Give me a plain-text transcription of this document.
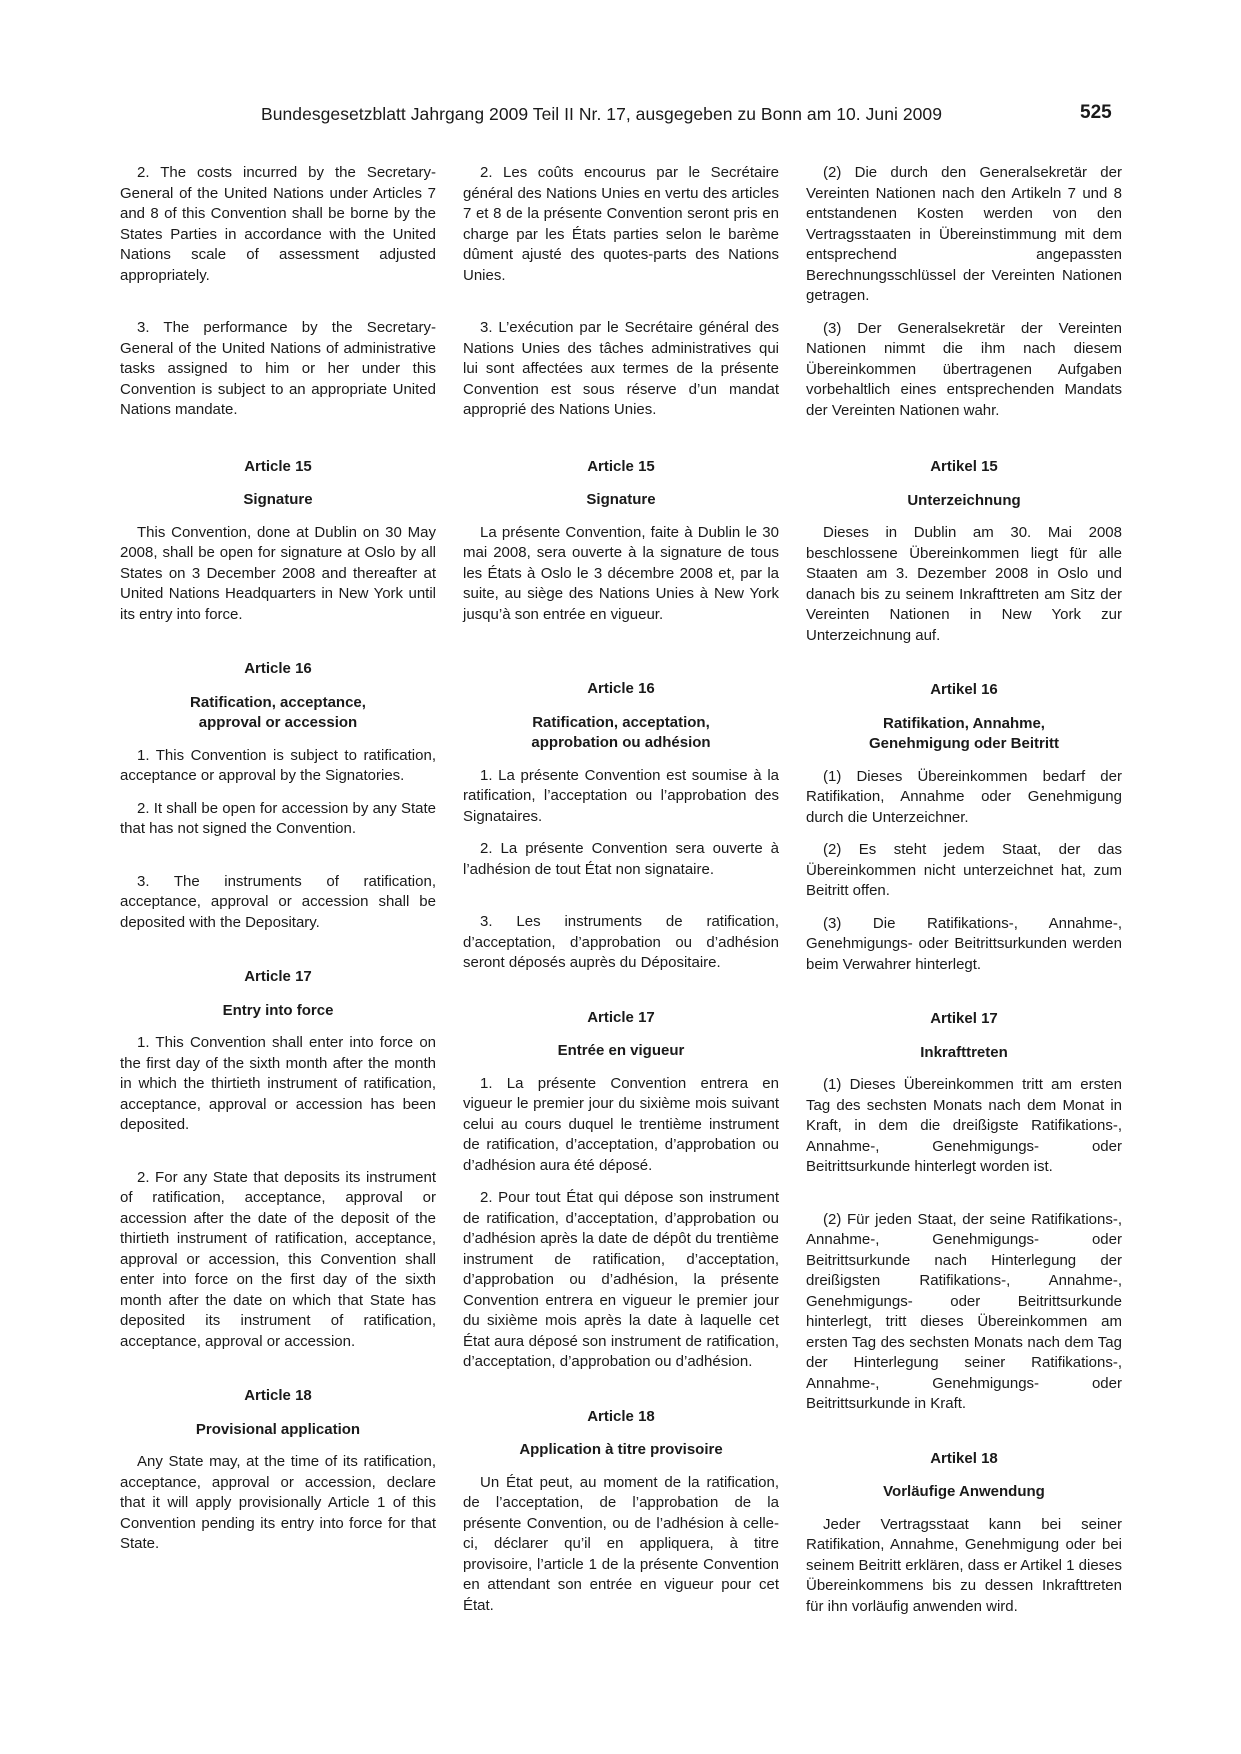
Bundesgesetzblatt Jahrgang 2009 Teil II Nr. 17, ausgegeben zu Bonn am 10. Juni 2009	525

2. The costs incurred by the Secretary-General of the United Nations under Articles 7 and 8 of this Convention shall be borne by the States Parties in accordance with the United Nations scale of assessment adjusted appropriately.

3. The performance by the Secretary-General of the United Nations of administrative tasks assigned to him or her under this Convention is subject to an appropriate United Nations mandate.

Article 15

Signature

This Convention, done at Dublin on 30 May 2008, shall be open for signature at Oslo by all States on 3 December 2008 and thereafter at United Nations Headquarters in New York until its entry into force.

Article 16

Ratification, acceptance,

approval or accession

1. This Convention is subject to ratification, acceptance or approval by the Signatories.

2. It shall be open for accession by any State that has not signed the Convention.

3. The instruments of ratification, acceptance, approval or accession shall be deposited with the Depositary.

Article 17

Entry into force

1. This Convention shall enter into force on the first day of the sixth month after the month in which the thirtieth instrument of ratification, acceptance, approval or accession has been deposited.

2. For any State that deposits its instrument of ratification, acceptance, approval or accession after the date of the deposit of the thirtieth instrument of ratification, acceptance, approval or accession, this Convention shall enter into force on the first day of the sixth month after the date on which that State has deposited its instrument of ratification, acceptance, approval or accession.

Article 18

Provisional application

Any State may, at the time of its ratification, acceptance, approval or accession, declare that it will apply provisionally Article 1 of this Convention pending its entry into force for that State.

2. Les coûts encourus par le Secrétaire général des Nations Unies en vertu des articles 7 et 8 de la présente Convention seront pris en charge par les États parties selon le barème dûment ajusté des quotes-parts des Nations Unies.

3. L’exécution par le Secrétaire général des Nations Unies des tâches administratives qui lui sont affectées aux termes de la présente Convention est sous réserve d’un mandat approprié des Nations Unies.

Article 15

Signature

La présente Convention, faite à Dublin le 30 mai 2008, sera ouverte à la signature de tous les États à Oslo le 3 décembre 2008 et, par la suite, au siège des Nations Unies à New York jusqu’à son entrée en vigueur.

Article 16

Ratification, acceptation,

approbation ou adhésion

1. La présente Convention est soumise à la ratification, l’acceptation ou l’approbation des Signataires.

2. La présente Convention sera ouverte à l’adhésion de tout État non signataire.

3. Les instruments de ratification, d’acceptation, d’approbation ou d’adhésion seront déposés auprès du Dépositaire.

Article 17

Entrée en vigueur

1. La présente Convention entrera en vigueur le premier jour du sixième mois suivant celui au cours duquel le trentième instrument de ratification, d’acceptation, d’approbation ou d’adhésion aura été déposé.

2. Pour tout État qui dépose son instrument de ratification, d’acceptation, d’approbation ou d’adhésion après la date de dépôt du trentième instrument de ratification, d’acceptation, d’approbation ou d’adhésion, la présente Convention entrera en vigueur le premier jour du sixième mois après la date à laquelle cet État aura déposé son instrument de ratification, d’acceptation, d’approbation ou d’adhésion.

Article 18

Application à titre provisoire

Un État peut, au moment de la ratification, de l’acceptation, de l’approbation de la présente Convention, ou de l’adhésion à celle-ci, déclarer qu’il en appliquera, à titre provisoire, l’article 1 de la présente Convention en attendant son entrée en vigueur pour cet État.

(2) Die durch den Generalsekretär der Vereinten Nationen nach den Artikeln 7 und 8 entstandenen Kosten werden von den Vertragsstaaten in Übereinstimmung mit dem entsprechend angepassten Berechnungsschlüssel der Vereinten Nationen getragen.

(3) Der Generalsekretär der Vereinten Nationen nimmt die ihm nach diesem Übereinkommen übertragenen Aufgaben vorbehaltlich eines entsprechenden Mandats der Vereinten Nationen wahr.

Artikel 15

Unterzeichnung

Dieses in Dublin am 30. Mai 2008 beschlossene Übereinkommen liegt für alle Staaten am 3. Dezember 2008 in Oslo und danach bis zu seinem Inkrafttreten am Sitz der Vereinten Nationen in New York zur Unterzeichnung auf.

Artikel 16

Ratifikation, Annahme,

Genehmigung oder Beitritt

(1) Dieses Übereinkommen bedarf der Ratifikation, Annahme oder Genehmigung durch die Unterzeichner.

(2) Es steht jedem Staat, der das Übereinkommen nicht unterzeichnet hat, zum Beitritt offen.

(3) Die Ratifikations-, Annahme-, Genehmigungs- oder Beitrittsurkunden werden beim Verwahrer hinterlegt.

Artikel 17

Inkrafttreten

(1) Dieses Übereinkommen tritt am ersten Tag des sechsten Monats nach dem Monat in Kraft, in dem die dreißigste Ratifikations-, Annahme-, Genehmigungs- oder Beitrittsurkunde hinterlegt worden ist.

(2) Für jeden Staat, der seine Ratifikations-, Annahme-, Genehmigungs- oder Beitrittsurkunde nach Hinterlegung der dreißigsten Ratifikations-, Annahme-, Genehmigungs- oder Beitrittsurkunde hinterlegt, tritt dieses Übereinkommen am ersten Tag des sechsten Monats nach dem Tag der Hinterlegung seiner Ratifikations-, Annahme-, Genehmigungs- oder Beitrittsurkunde in Kraft.

Artikel 18

Vorläufige Anwendung

Jeder Vertragsstaat kann bei seiner Ratifikation, Annahme, Genehmigung oder bei seinem Beitritt erklären, dass er Artikel 1 dieses Übereinkommens bis zu dessen Inkrafttreten für ihn vorläufig anwenden wird.
